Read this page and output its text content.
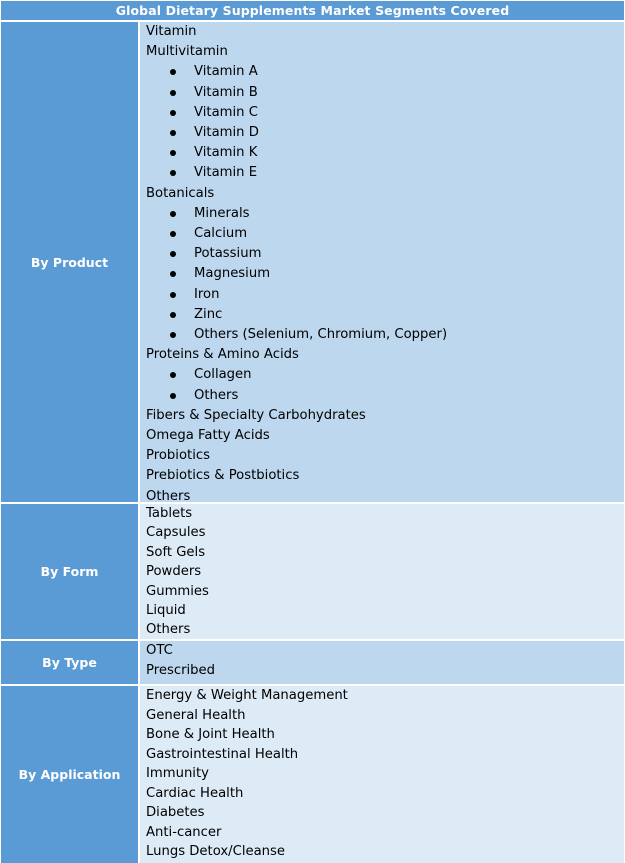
Global Dietary Supplements Market Segments Covered
By Product
Vitamin
Multivitamin
Vitamin A
Vitamin B
Vitamin C
Vitamin D
Vitamin K
Vitamin E
Botanicals
Minerals
Calcium
Potassium
Magnesium
Iron
Zinc
Others (Selenium, Chromium, Copper)
Proteins & Amino Acids
Collagen
Others
Fibers & Specialty Carbohydrates
Omega Fatty Acids
Probiotics
Prebiotics & Postbiotics
Others
By Form
Tablets
Capsules
Soft Gels
Powders
Gummies
Liquid
Others
By Type
OTC
Prescribed
By Application
Energy & Weight Management
General Health
Bone & Joint Health
Gastrointestinal Health
Immunity
Cardiac Health
Diabetes
Anti-cancer
Lungs Detox/Cleanse
